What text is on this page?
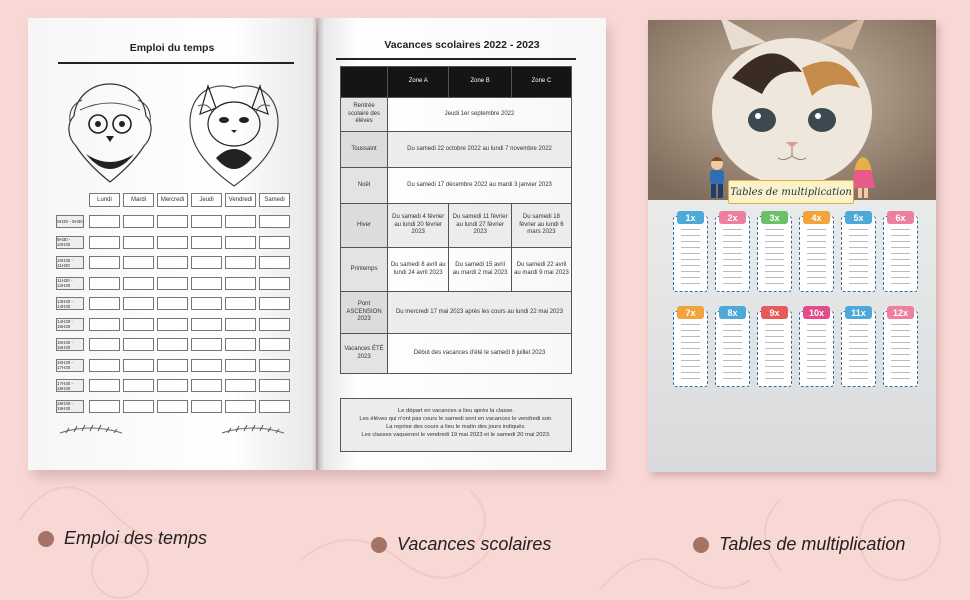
Emploi du temps
Lundi	Mardi	Mercredi	Jeudi	Vendredi	Samedi
8H30 - 9H30
9H30 - 10H30
10H30 - 11H30
11H30 - 12H30
13H30 - 14H30
14H30 - 15H30
15H30 - 16H30
16H30 - 17H30
17H30 - 18H30
18H30 - 19H30
Vacances scolaires 2022 - 2023
	Zone A	Zone B	Zone C
Rentrée scolaire des élèves	Jeudi 1er septembre 2022		
Toussaint	Du samedi 22 octobre 2022 au lundi 7 novembre 2022		
Noël	Du samedi 17 décembre 2022 au mardi 3 janvier 2023		
Hiver	Du samedi 4 février au lundi 20 février 2023	Du samedi 11 février au lundi 27 février 2023	Du samedi 18 février au lundi 6 mars 2023
Printemps	Du samedi 8 avril au lundi 24 avril 2023	Du samedi 15 avril au mardi 2 mai 2023	Du samedi 22 avril au mardi 9 mai 2023
Pont ASCENSION 2023	Du mercredi 17 mai 2023 après les cours au lundi 22 mai 2023		
Vacances ÉTÉ 2023	Début des vacances d'été le samedi 8 juillet 2023		
Le départ en vacances a lieu après la classe.
Les élèves qui n'ont pas cours le samedi sont en vacances le vendredi soir.
La reprise des cours a lieu le matin des jours indiqués.
Les classes vaqueront le vendredi 19 mai 2023 et le samedi 20 mai 2023.
Tables de multiplication
1x	2x	3x	4x	5x	6x
7x	8x	9x	10x	11x	12x
Emploi des temps	Vacances scolaires	Tables de multiplication
